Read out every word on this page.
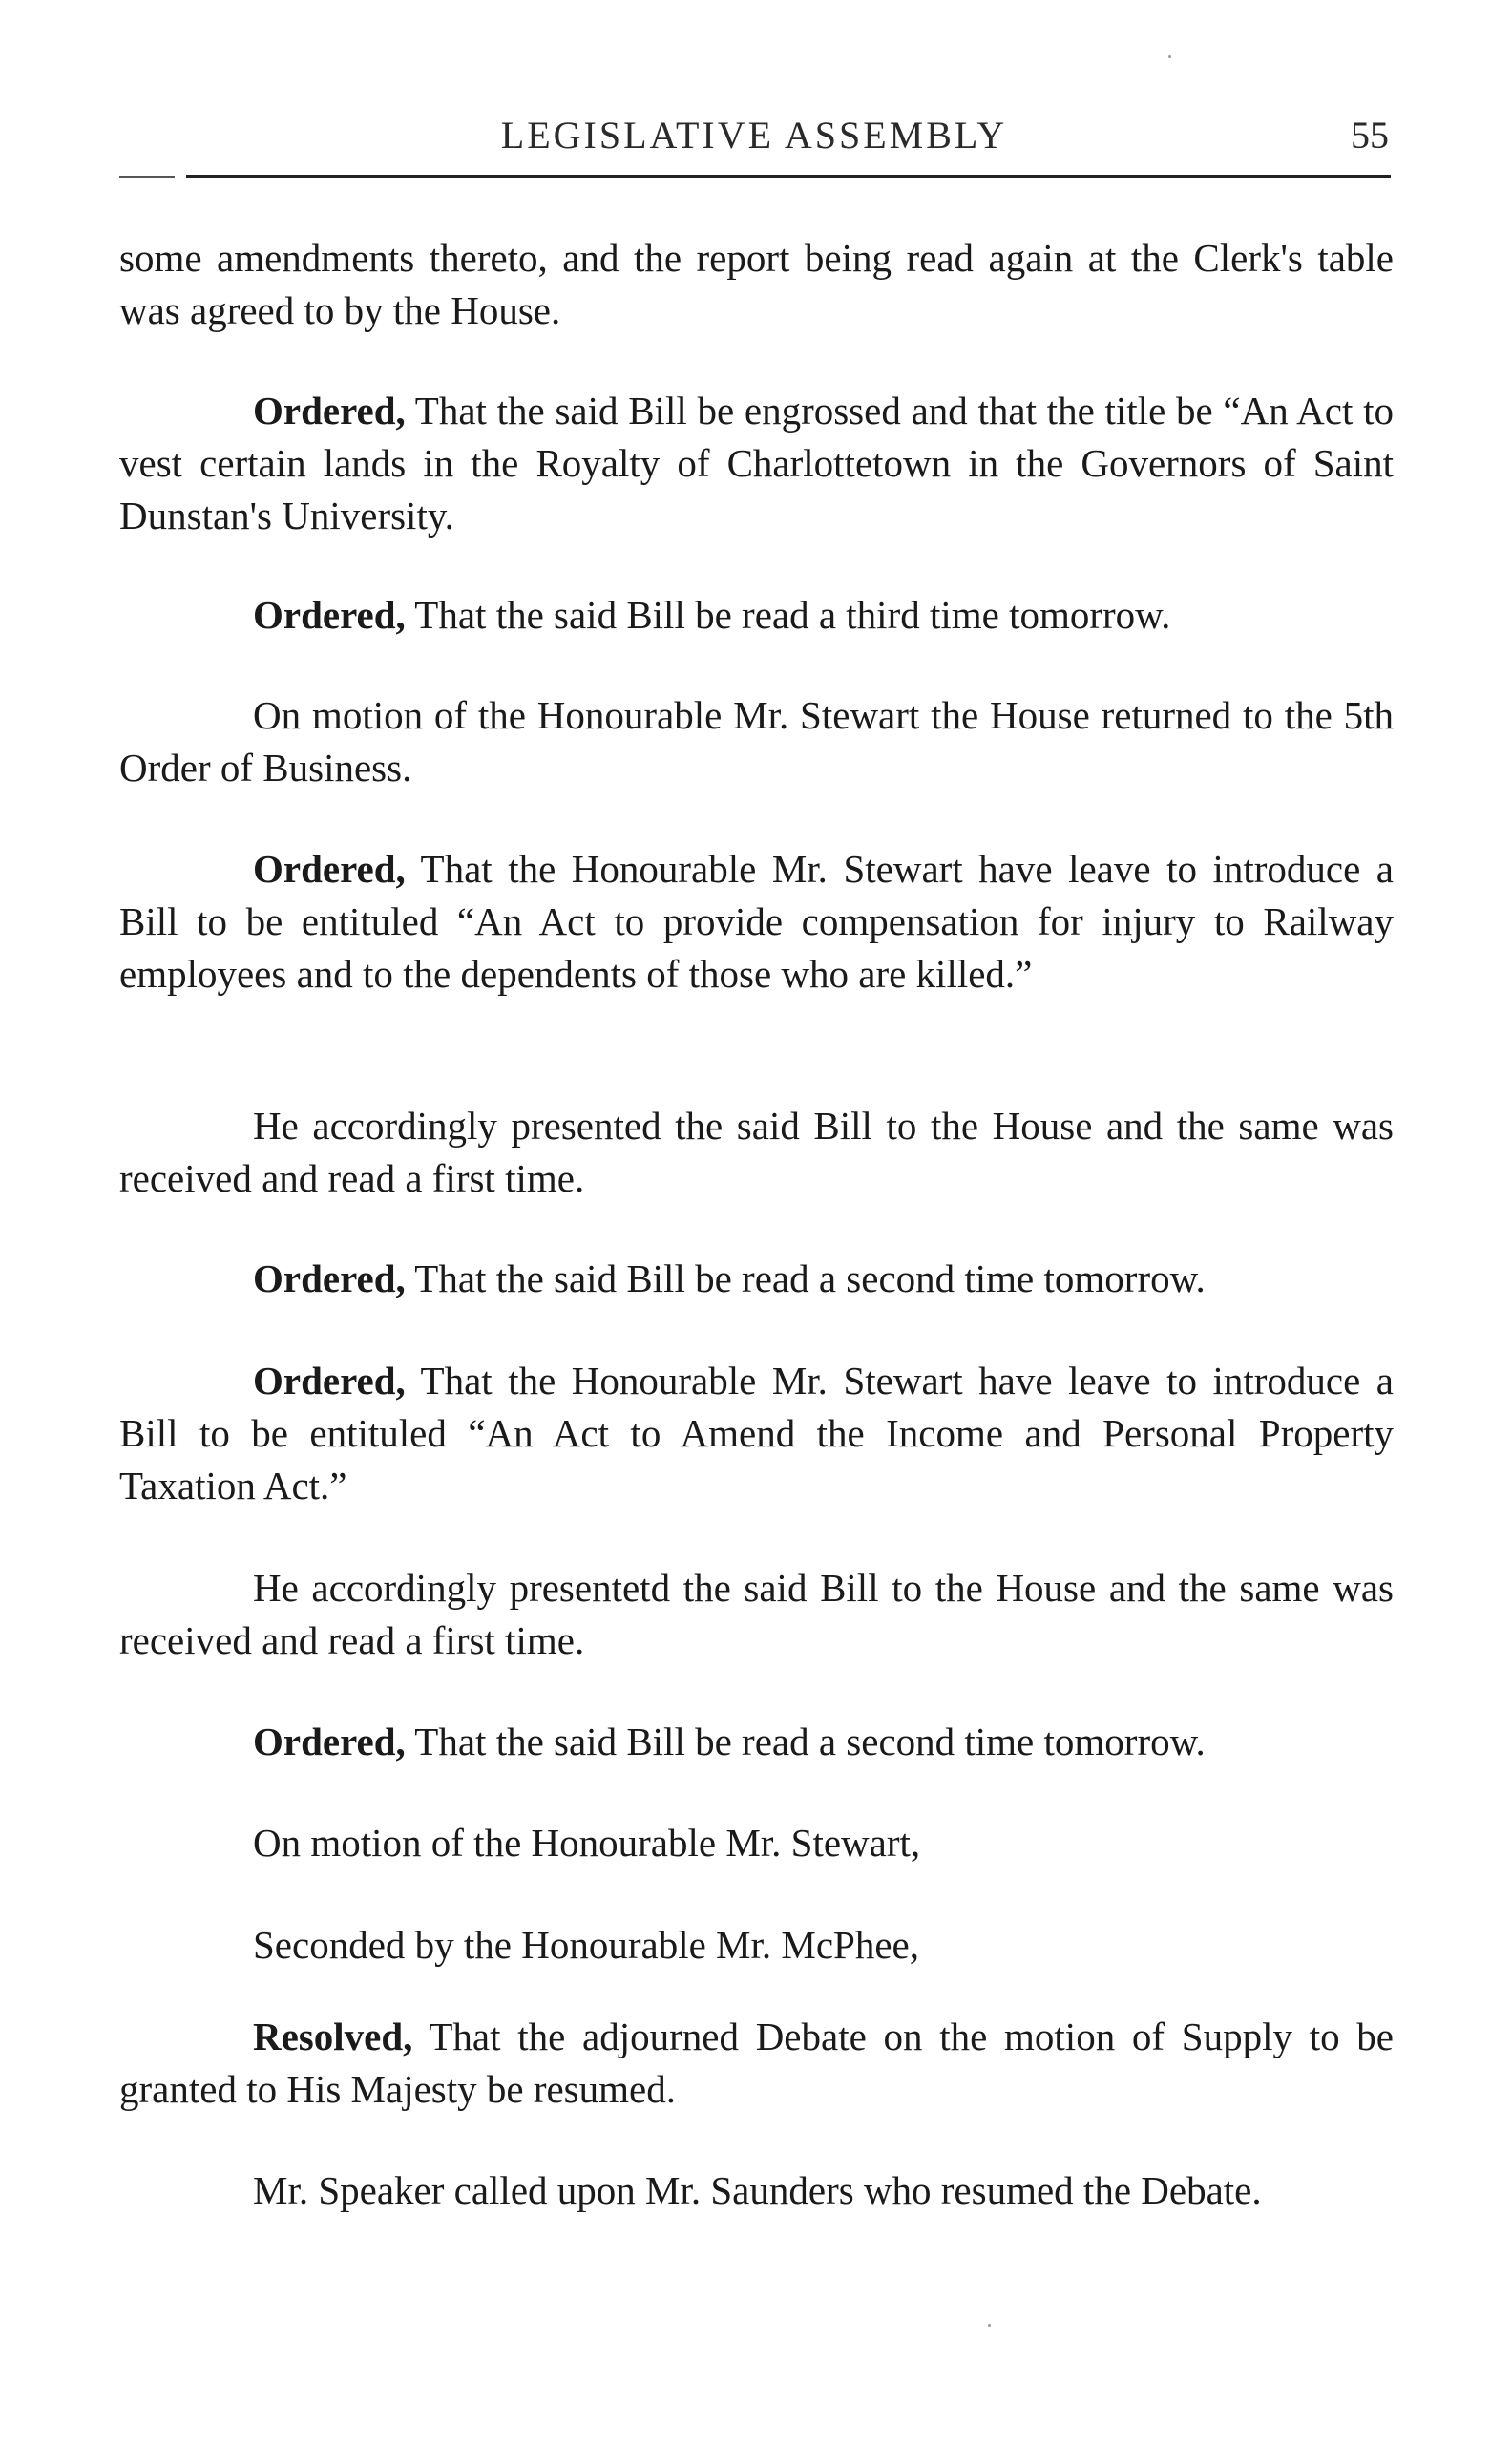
LEGISLATIVE ASSEMBLY	55

some amendments thereto, and the report being read again at the Clerk's table was agreed to by the House.

Ordered, That the said Bill be engrossed and that the title be “An Act to vest certain lands in the Royalty of Charlottetown in the Governors of Saint Dunstan's University.

Ordered, That the said Bill be read a third time tomorrow.

On motion of the Honourable Mr. Stewart the House returned to the 5th Order of Business.

Ordered, That the Honourable Mr. Stewart have leave to introduce a Bill to be entituled “An Act to provide compensation for injury to Railway employees and to the dependents of those who are killed.”

He accordingly presented the said Bill to the House and the same was received and read a first time.

Ordered, That the said Bill be read a second time tomorrow.

Ordered, That the Honourable Mr. Stewart have leave to introduce a Bill to be entituled “An Act to Amend the Income and Personal Property Taxation Act.”

He accordingly presentetd the said Bill to the House and the same was received and read a first time.

Ordered, That the said Bill be read a second time tomorrow.

On motion of the Honourable Mr. Stewart,

Seconded by the Honourable Mr. McPhee,

Resolved, That the adjourned Debate on the motion of Supply to be granted to His Majesty be resumed.

Mr. Speaker called upon Mr. Saunders who resumed the Debate.
